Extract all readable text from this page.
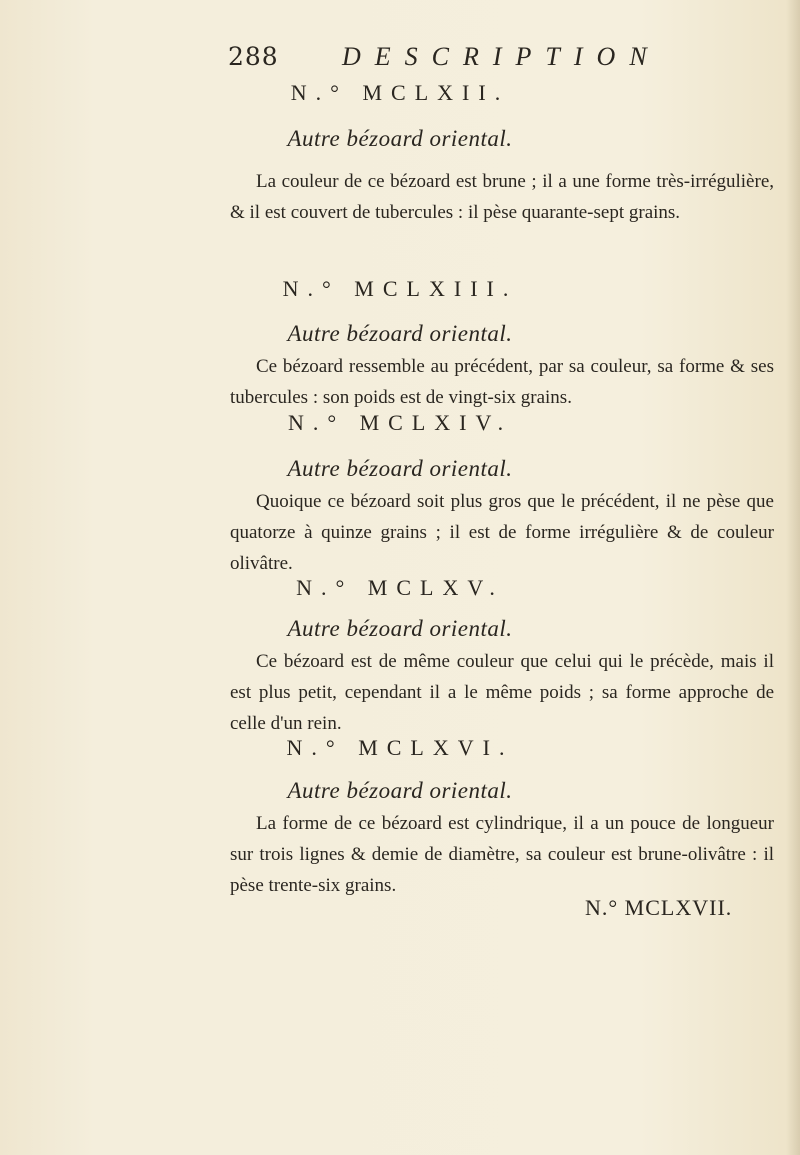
288 DESCRIPTION
N.° MCLXII.
Autre bézoard oriental.
La couleur de ce bézoard est brune ; il a une forme très-irrégulière, & il est couvert de tubercules : il pèse quarante-sept grains.
N.° MCLXIII.
Autre bézoard oriental.
Ce bézoard ressemble au précédent, par sa couleur, sa forme & ses tubercules : son poids est de vingt-six grains.
N.° MCLXIV.
Autre bézoard oriental.
Quoique ce bézoard soit plus gros que le précédent, il ne pèse que quatorze à quinze grains ; il est de forme irrégulière & de couleur olivâtre.
N.° MCLXV.
Autre bézoard oriental.
Ce bézoard est de même couleur que celui qui le précède, mais il est plus petit, cependant il a le même poids ; sa forme approche de celle d'un rein.
N.° MCLXVI.
Autre bézoard oriental.
La forme de ce bézoard est cylindrique, il a un pouce de longueur sur trois lignes & demie de diamètre, sa couleur est brune-olivâtre : il pèse trente-six grains.
N.° MCLXVII.
